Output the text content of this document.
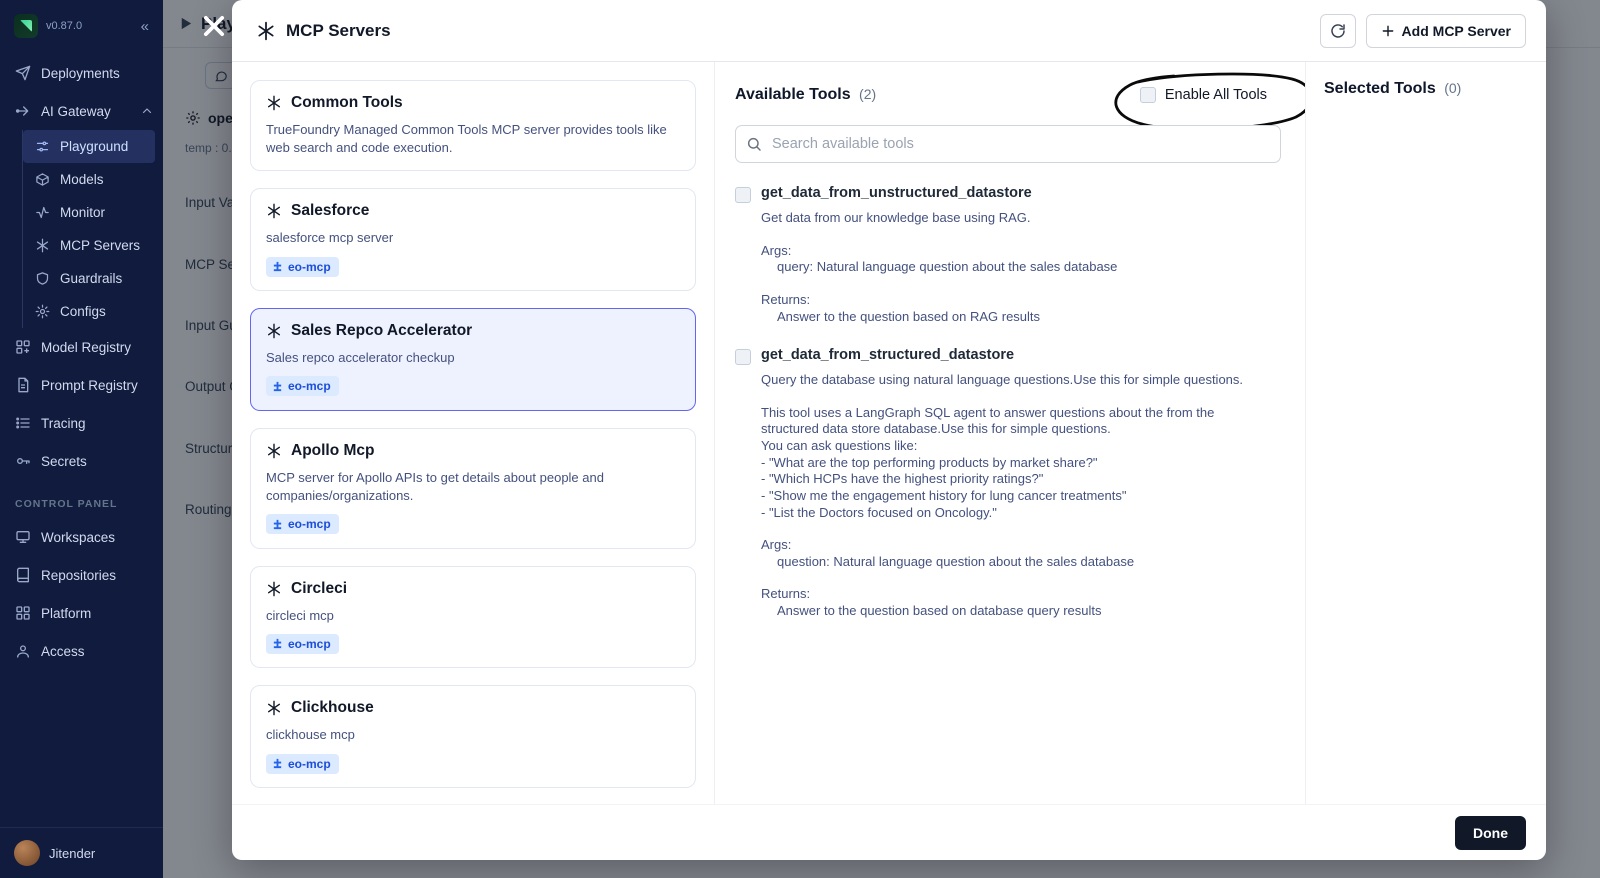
v0.87.0	«
Deployments
AI Gateway
Playground
Models
Monitor
MCP Servers
Guardrails
Configs
Model Registry
Prompt Registry
Tracing
Secrets
CONTROL PANEL
Workspaces
Repositories
Platform
Access
Jitender
MCP Servers	Add MCP Server
Common Tools
TrueFoundry Managed Common Tools MCP server provides tools like web search and code execution.
Salesforce
salesforce mcp server
eo-mcp
Sales Repco Accelerator
Sales repco accelerator checkup
eo-mcp
Apollo Mcp
MCP server for Apollo APIs to get details about people and companies/organizations.
eo-mcp
Circleci
circleci mcp
eo-mcp
Clickhouse
clickhouse mcp
eo-mcp
Available Tools (2)	Enable All Tools
Search available tools
get_data_from_unstructured_datastore
Get data from our knowledge base using RAG.
Args:
query: Natural language question about the sales database
Returns:
Answer to the question based on RAG results
get_data_from_structured_datastore
Query the database using natural language questions.Use this for simple questions.
This tool uses a LangGraph SQL agent to answer questions about the from the
structured data store database.Use this for simple questions.
You can ask questions like:
- "What are the top performing products by market share?"
- "Which HCPs have the highest priority ratings?"
- "Show me the engagement history for lung cancer treatments"
- "List the Doctors focused on Oncology."
Args:
question: Natural language question about the sales database
Returns:
Answer to the question based on database query results
Selected Tools (0)
Done
